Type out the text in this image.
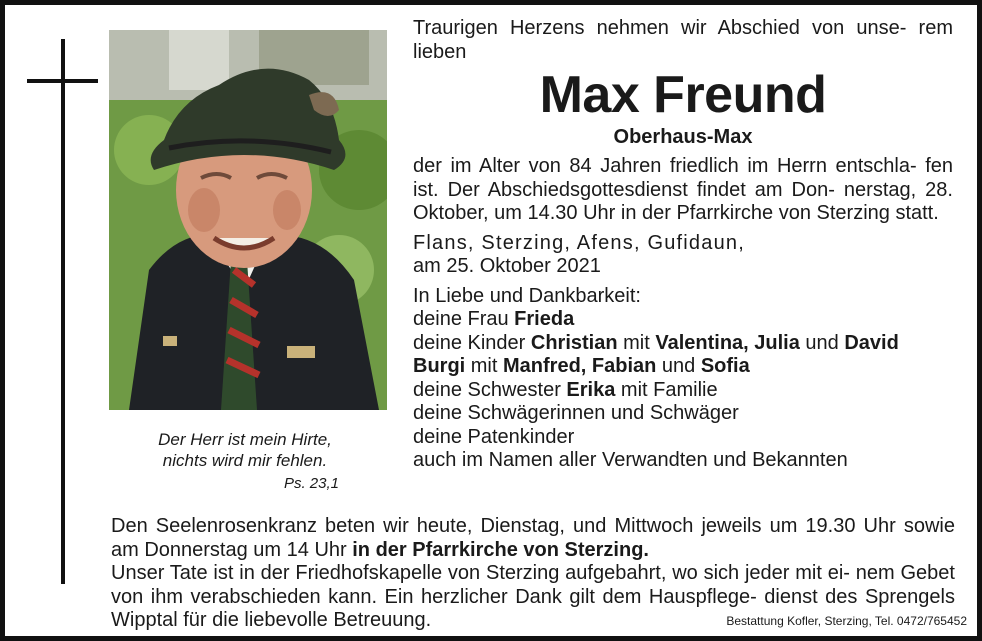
Der Herr ist mein Hirte,
nichts wird mir fehlen.
Ps. 23,1

Traurigen Herzens nehmen wir Abschied von unse- rem lieben

Max Freund
Oberhaus-Max

der im Alter von 84 Jahren friedlich im Herrn entschla- fen ist. Der Abschiedsgottesdienst findet am Don- nerstag, 28. Oktober, um 14.30 Uhr in der Pfarrkirche von Sterzing statt.

Flans, Sterzing, Afens, Gufidaun,
am 25. Oktober 2021
In Liebe und Dankbarkeit:
deine Frau Frieda
deine Kinder Christian mit Valentina, Julia und David
Burgi mit Manfred, Fabian und Sofia
deine Schwester Erika mit Familie
deine Schwägerinnen und Schwäger
deine Patenkinder
auch im Namen aller Verwandten und Bekannten

Den Seelenrosenkranz beten wir heute, Dienstag, und Mittwoch jeweils um 19.30 Uhr sowie am Donnerstag um 14 Uhr in der Pfarrkirche von Sterzing.

Unser Tate ist in der Friedhofskapelle von Sterzing aufgebahrt, wo sich jeder mit ei- nem Gebet von ihm verabschieden kann. Ein herzlicher Dank gilt dem Hauspflege- dienst des Sprengels Wipptal für die liebevolle Betreuung.	Bestattung Kofler, Sterzing, Tel. 0472/765452
